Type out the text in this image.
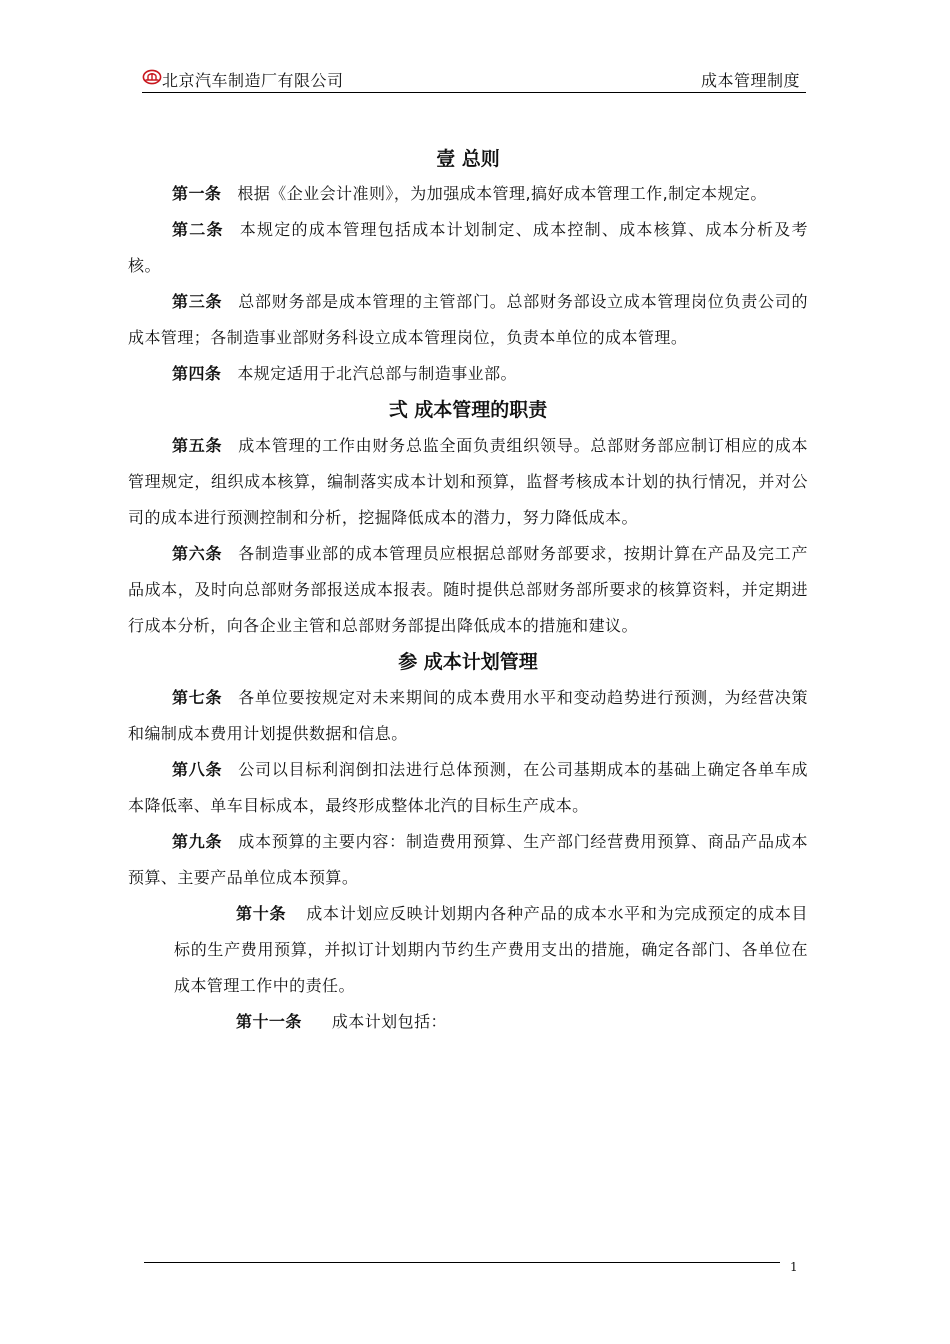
北京汽车制造厂有限公司	成本管理制度
壹 总则

第一条 根据《企业会计准则》，为加强成本管理,搞好成本管理工作,制定本规定。

第二条 本规定的成本管理包括成本计划制定、成本控制、成本核算、成本分析及考核。

第三条 总部财务部是成本管理的主管部门。总部财务部设立成本管理岗位负责公司的成本管理；各制造事业部财务科设立成本管理岗位，负责本单位的成本管理。

第四条 本规定适用于北汽总部与制造事业部。

弍 成本管理的职责

第五条 成本管理的工作由财务总监全面负责组织领导。总部财务部应制订相应的成本管理规定，组织成本核算，编制落实成本计划和预算，监督考核成本计划的执行情况，并对公司的成本进行预测控制和分析，挖掘降低成本的潜力，努力降低成本。

第六条 各制造事业部的成本管理员应根据总部财务部要求，按期计算在产品及完工产品成本，及时向总部财务部报送成本报表。随时提供总部财务部所要求的核算资料，并定期进行成本分析，向各企业主管和总部财务部提出降低成本的措施和建议。

参 成本计划管理

第七条 各单位要按规定对未来期间的成本费用水平和变动趋势进行预测，为经营决策和编制成本费用计划提供数据和信息。

第八条 公司以目标利润倒扣法进行总体预测，在公司基期成本的基础上确定各单车成本降低率、单车目标成本，最终形成整体北汽的目标生产成本。

第九条 成本预算的主要内容：制造费用预算、生产部门经营费用预算、商品产品成本预算、主要产品单位成本预算。

第十条 成本计划应反映计划期内各种产品的成本水平和为完成预定的成本目标的生产费用预算，并拟订计划期内节约生产费用支出的措施，确定各部门、各单位在成本管理工作中的责任。

第十一条 成本计划包括：

1
